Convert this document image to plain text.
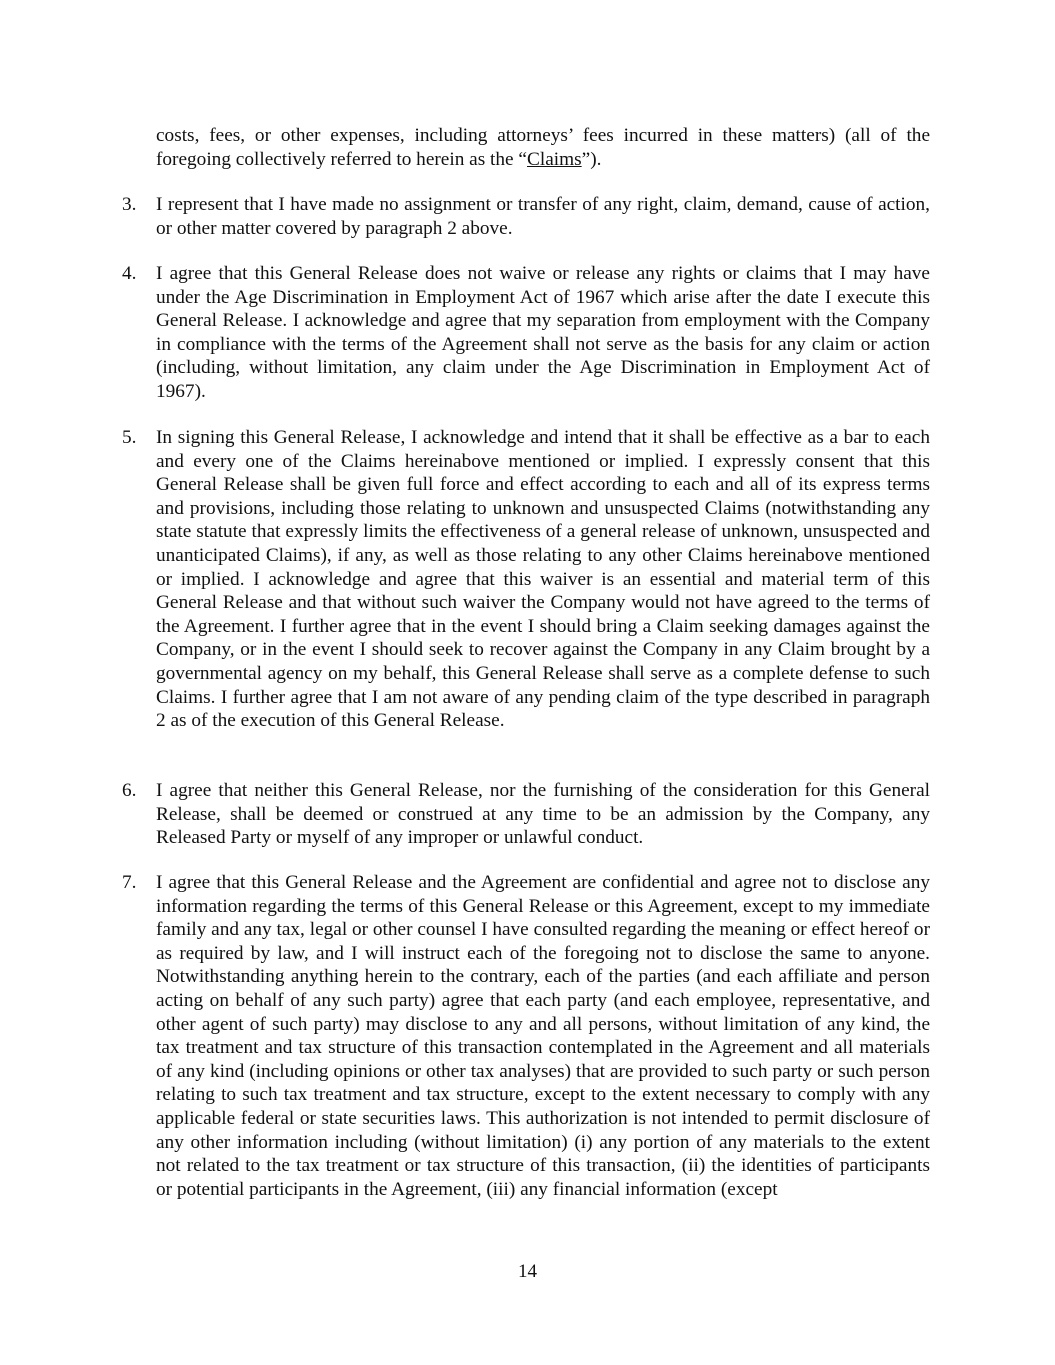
costs, fees, or other expenses, including attorneys’ fees incurred in these matters) (all of the foregoing collectively referred to herein as the “Claims”).
3.	I represent that I have made no assignment or transfer of any right, claim, demand, cause of action, or other matter covered by paragraph 2 above.
4.	I agree that this General Release does not waive or release any rights or claims that I may have under the Age Discrimination in Employment Act of 1967 which arise after the date I execute this General Release. I acknowledge and agree that my separation from employment with the Company in compliance with the terms of the Agreement shall not serve as the basis for any claim or action (including, without limitation, any claim under the Age Discrimination in Employment Act of 1967).
5.	In signing this General Release, I acknowledge and intend that it shall be effective as a bar to each and every one of the Claims hereinabove mentioned or implied. I expressly consent that this General Release shall be given full force and effect according to each and all of its express terms and provisions, including those relating to unknown and unsuspected Claims (notwithstanding any state statute that expressly limits the effectiveness of a general release of unknown, unsuspected and unanticipated Claims), if any, as well as those relating to any other Claims hereinabove mentioned or implied. I acknowledge and agree that this waiver is an essential and material term of this General Release and that without such waiver the Company would not have agreed to the terms of the Agreement. I further agree that in the event I should bring a Claim seeking damages against the Company, or in the event I should seek to recover against the Company in any Claim brought by a governmental agency on my behalf, this General Release shall serve as a complete defense to such Claims. I further agree that I am not aware of any pending claim of the type described in paragraph 2 as of the execution of this General Release.
6.	I agree that neither this General Release, nor the furnishing of the consideration for this General Release, shall be deemed or construed at any time to be an admission by the Company, any Released Party or myself of any improper or unlawful conduct.
7.	I agree that this General Release and the Agreement are confidential and agree not to disclose any information regarding the terms of this General Release or this Agreement, except to my immediate family and any tax, legal or other counsel I have consulted regarding the meaning or effect hereof or as required by law, and I will instruct each of the foregoing not to disclose the same to anyone. Notwithstanding anything herein to the contrary, each of the parties (and each affiliate and person acting on behalf of any such party) agree that each party (and each employee, representative, and other agent of such party) may disclose to any and all persons, without limitation of any kind, the tax treatment and tax structure of this transaction contemplated in the Agreement and all materials of any kind (including opinions or other tax analyses) that are provided to such party or such person relating to such tax treatment and tax structure, except to the extent necessary to comply with any applicable federal or state securities laws. This authorization is not intended to permit disclosure of any other information including (without limitation) (i) any portion of any materials to the extent not related to the tax treatment or tax structure of this transaction, (ii) the identities of participants or potential participants in the Agreement, (iii) any financial information (except
14
